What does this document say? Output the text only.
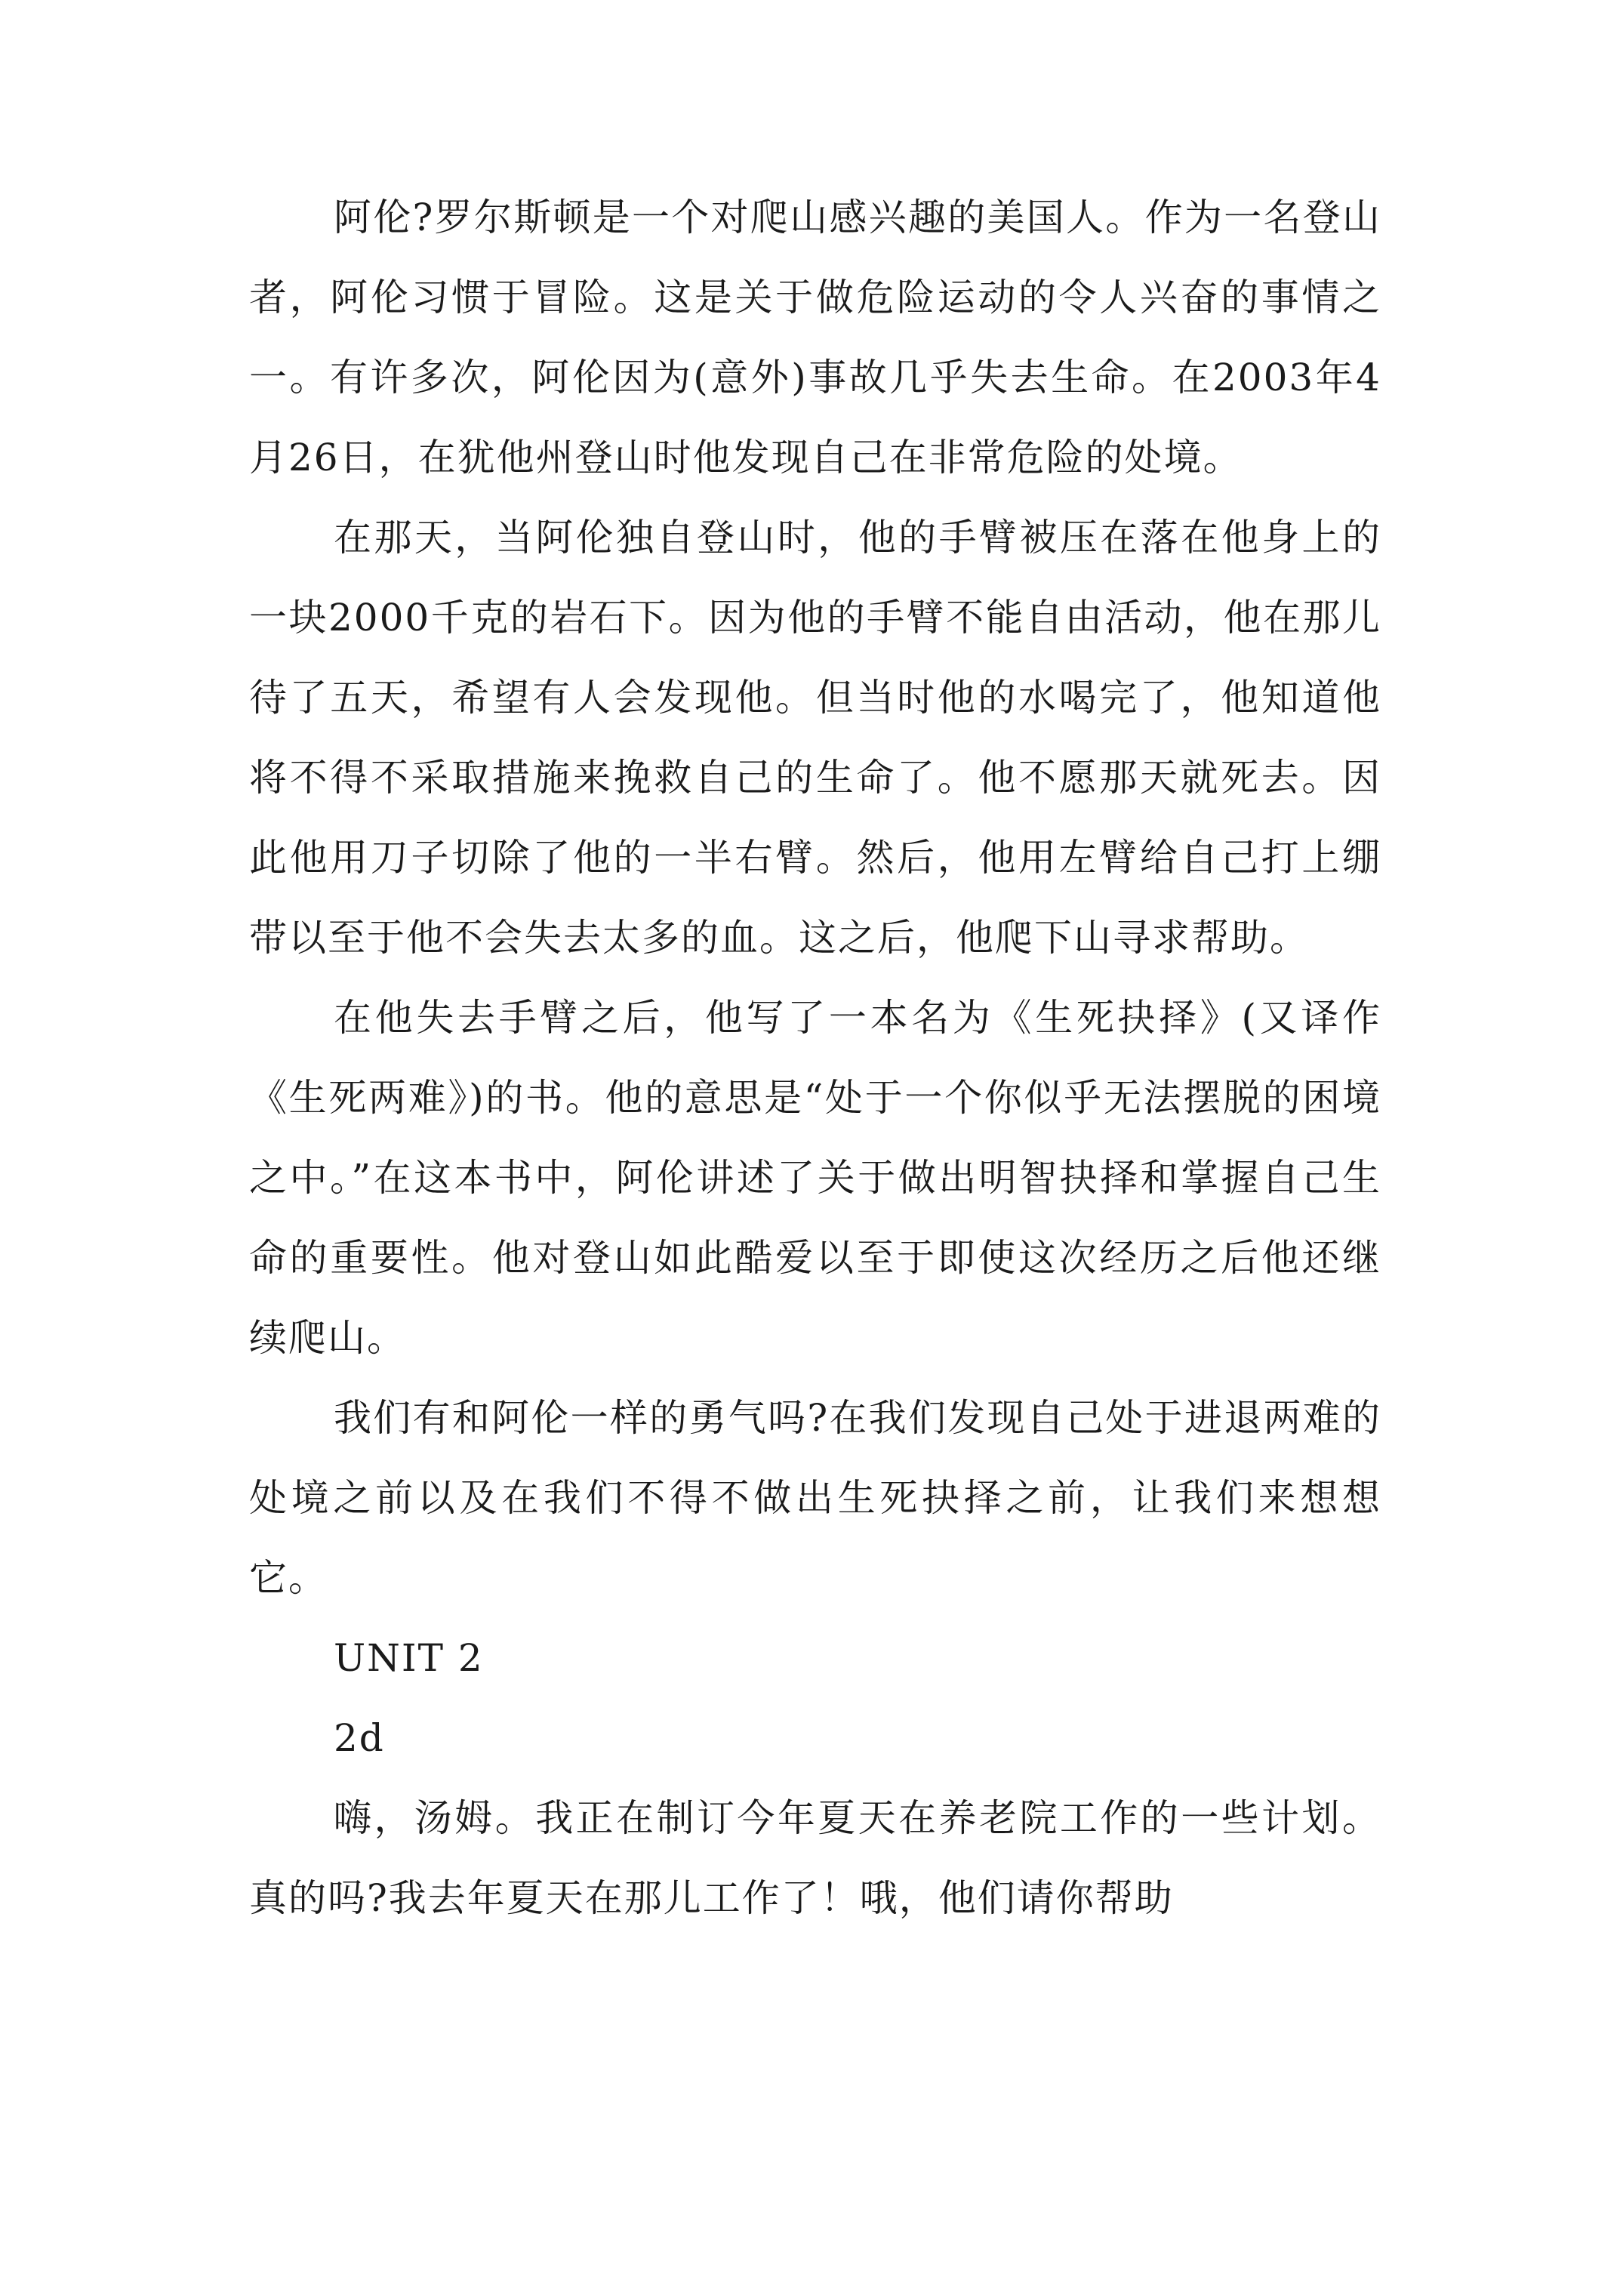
阿伦?罗尔斯顿是一个对爬山感兴趣的美国人。作为一名登山者，阿伦习惯于冒险。这是关于做危险运动的令人兴奋的事情之一。有许多次，阿伦因为(意外)事故几乎失去生命。在2003年4月26日，在犹他州登山时他发现自己在非常危险的处境。

在那天，当阿伦独自登山时，他的手臂被压在落在他身上的一块2000千克的岩石下。因为他的手臂不能自由活动，他在那儿待了五天，希望有人会发现他。但当时他的水喝完了，他知道他将不得不采取措施来挽救自己的生命了。他不愿那天就死去。因此他用刀子切除了他的一半右臂。然后，他用左臂给自己打上绷带以至于他不会失去太多的血。这之后，他爬下山寻求帮助。

在他失去手臂之后，他写了一本名为《生死抉择》(又译作《生死两难》)的书。他的意思是“处于一个你似乎无法摆脱的困境之中。”在这本书中，阿伦讲述了关于做出明智抉择和掌握自己生命的重要性。他对登山如此酷爱以至于即使这次经历之后他还继续爬山。

我们有和阿伦一样的勇气吗?在我们发现自己处于进退两难的处境之前以及在我们不得不做出生死抉择之前，让我们来想想它。

UNIT 2

2d

嗨，汤姆。我正在制订今年夏天在养老院工作的一些计划。 真的吗?我去年夏天在那儿工作了！哦，他们请你帮助
